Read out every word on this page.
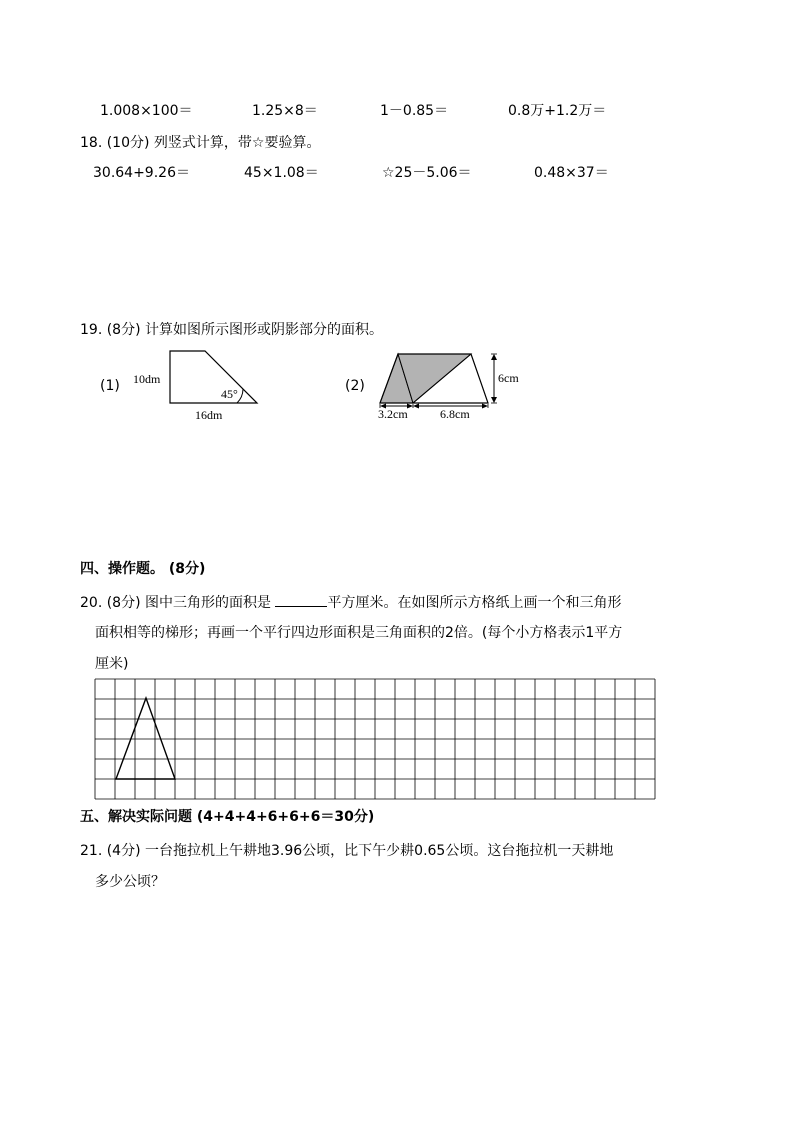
1.008×100＝	1.25×8＝	1－0.85＝	0.8万+1.2万＝
18. (10分) 列竖式计算，带☆要验算。
30.64+9.26＝	45×1.08＝	☆25－5.06＝	0.48×37＝
19. (8分) 计算如图所示图形或阴影部分的面积。
(1) 10dm
45°
16dm
(2)	6cm
3.2cm	6.8cm
四、操作题。 (8分)
20. (8分) 图中三角形的面积是	平方厘米。在如图所示方格纸上画一个和三角形
面积相等的梯形；再画一个平行四边形面积是三角面积的2倍。(每个小方格表示1平方
厘米)
五、解决实际问题 (4+4+4+6+6+6＝30分)
21. (4分) 一台拖拉机上午耕地3.96公顷，比下午少耕0.65公顷。这台拖拉机一天耕地
多少公顷？
